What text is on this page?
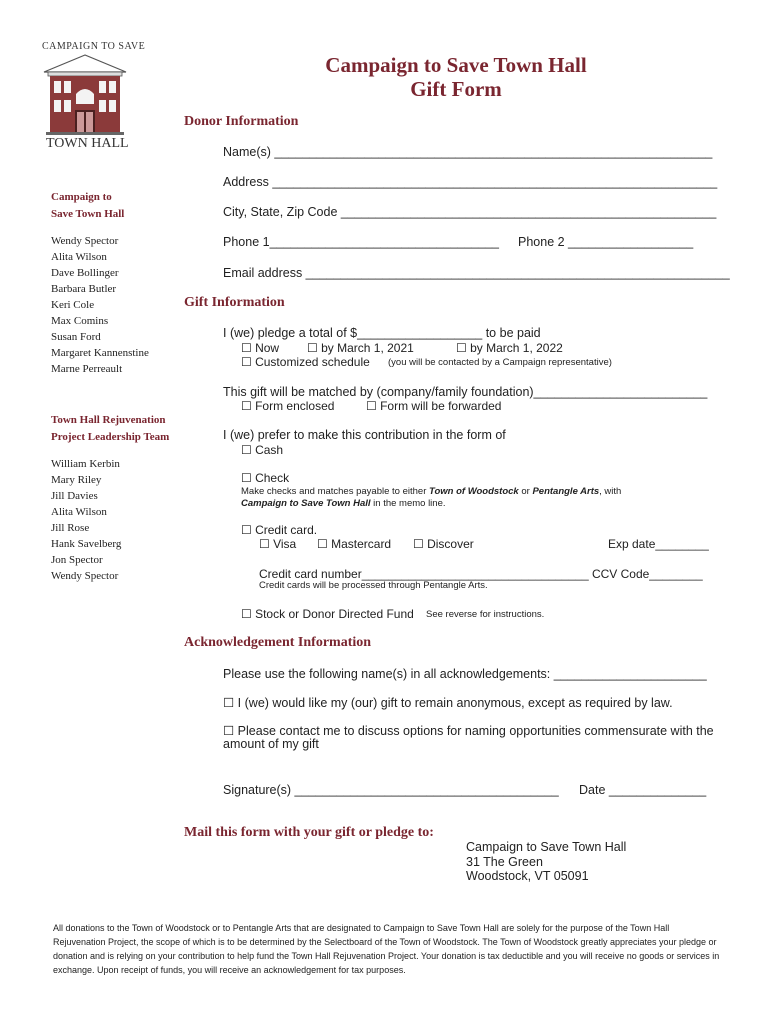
CAMPAIGN TO SAVE
TOWN HALL
Campaign to Save Town Hall
Gift Form
Campaign to
Save Town Hall
Wendy Spector
Alita Wilson
Dave Bollinger
Barbara Butler
Keri Cole
Max Comins
Susan Ford
Margaret Kannenstine
Marne Perreault
Town Hall Rejuvenation
Project Leadership Team
William Kerbin
Mary Riley
Jill Davies
Alita Wilson
Jill Rose
Hank Savelberg
Jon Spector
Wendy Spector
Donor Information
Name(s) _______________________________________________________________
Address ________________________________________________________________
City, State, Zip Code ______________________________________________________
Phone 1_________________________________ Phone 2 __________________
Email address _____________________________________________________________
Gift Information
I (we) pledge a total of $__________________ to be paid
☐ Now ☐ by March 1, 2021	☐ by March 1, 2022
☐ Customized schedule (you will be contacted by a Campaign representative)
This gift will be matched by (company/family foundation)_________________________
☐ Form enclosed	☐ Form will be forwarded
I (we) prefer to make this contribution in the form of
☐ Cash
☐ Check
Make checks and matches payable to either Town of Woodstock or Pentangle Arts, with
Campaign to Save Town Hall in the memo line.
☐ Credit card.
☐ Visa ☐ Mastercard ☐ Discover	Exp date________
Credit card number__________________________________ CCV Code________
Credit cards will be processed through Pentangle Arts.
☐ Stock or Donor Directed Fund See reverse for instructions.
Acknowledgement Information
Please use the following name(s) in all acknowledgements: ______________________
☐ I (we) would like my (our) gift to remain anonymous, except as required by law.
☐ Please contact me to discuss options for naming opportunities commensurate with the
amount of my gift
Signature(s) ______________________________________ Date ______________
Mail this form with your gift or pledge to:
Campaign to Save Town Hall
31 The Green
Woodstock, VT 05091
All donations to the Town of Woodstock or to Pentangle Arts that are designated to Campaign to Save Town Hall are solely for the purpose of the Town Hall Rejuvenation Project, the scope of which is to be determined by the Selectboard of the Town of Woodstock. The Town of Woodstock greatly appreciates your pledge or donation and is relying on your contribution to help fund the Town Hall Rejuvenation Project. Your donation is tax deductible and you will receive no goods or services in exchange. Upon receipt of funds, you will receive an acknowledgement for tax purposes.
